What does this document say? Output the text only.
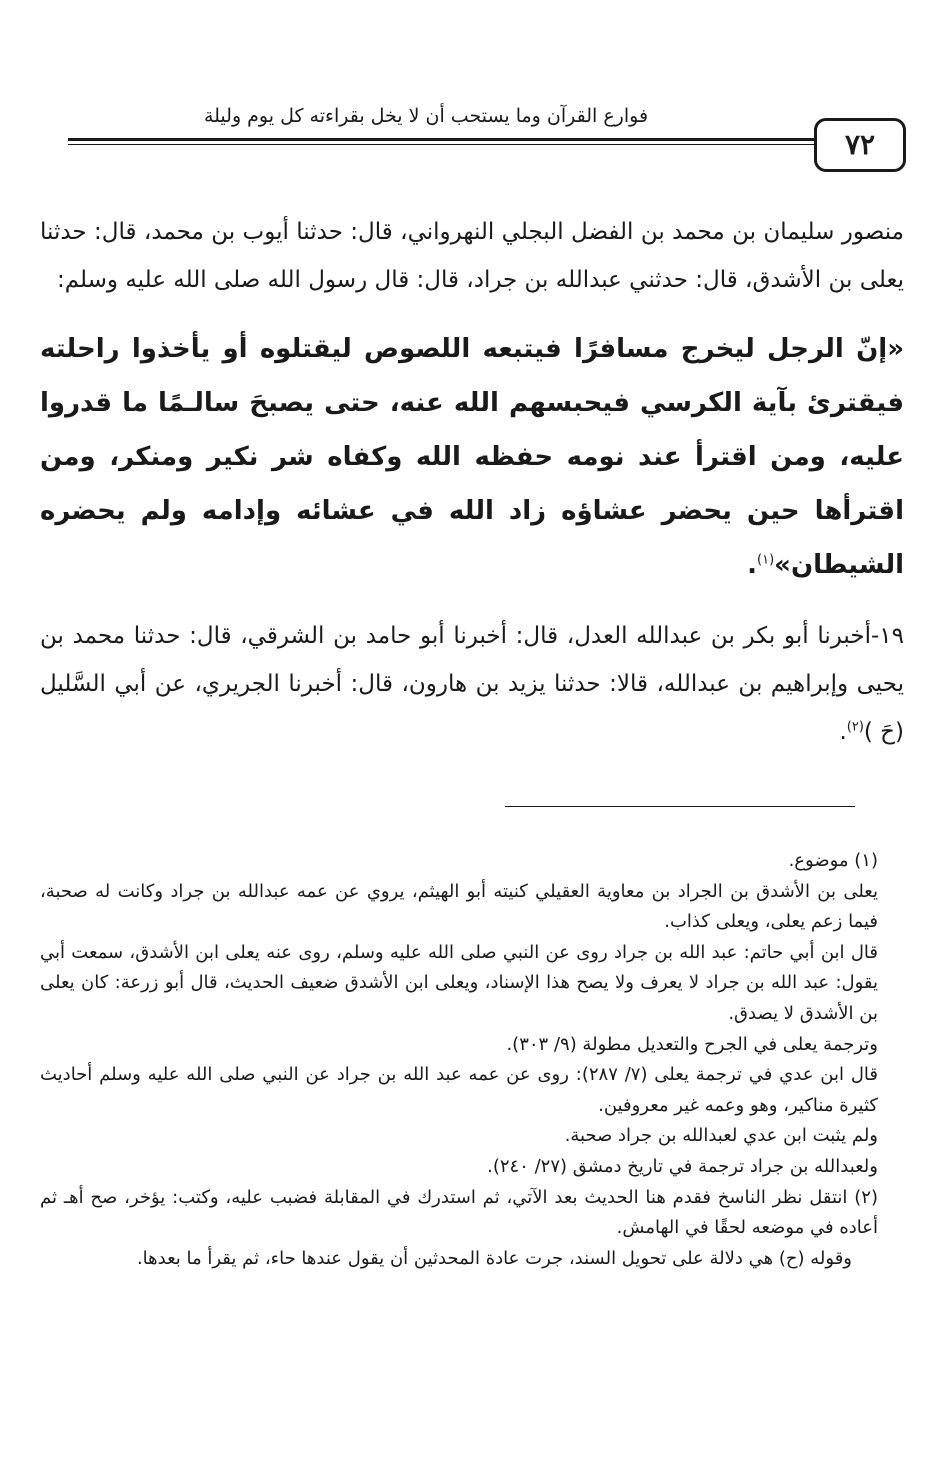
فوارع القرآن وما يستحب أن لا يخل بقراءته كل يوم وليلة
٧٢

منصور سليمان بن محمد بن الفضل البجلي النهرواني، قال: حدثنا أيوب بن محمد، قال: حدثنا يعلى بن الأشدق، قال: حدثني عبدالله بن جراد، قال: قال رسول الله صلى الله عليه وسلم:

«إنّ الرجل ليخرج مسافرًا فيتبعه اللصوص ليقتلوه أو يأخذوا راحلته فيقترئ بآية الكرسي فيحبسهم الله عنه، حتى يصبحَ سالـمًا ما قدروا عليه، ومن اقترأ عند نومه حفظه الله وكفاه شر نكير ومنكر، ومن اقترأها حين يحضر عشاؤه زاد الله في عشائه وإدامه ولم يحضره الشيطان»$^{(١)}$.

١٩-أخبرنا أبو بكر بن عبدالله العدل، قال: أخبرنا أبو حامد بن الشرقي، قال: حدثنا محمد بن يحيى وإبراهيم بن عبدالله، قالا: حدثنا يزيد بن هارون، قال: أخبرنا الجريري، عن أبي السَّليل (حَ )$^{(٢)}$.

(١) موضوع.

يعلى بن الأشدق بن الجراد بن معاوية العقيلي كنيته أبو الهيثم، يروي عن عمه عبدالله بن جراد وكانت له صحبة، فيما زعم يعلى، ويعلى كذاب.

قال ابن أبي حاتم: عبد الله بن جراد روى عن النبي صلى الله عليه وسلم، روى عنه يعلى ابن الأشدق، سمعت أبي يقول: عبد الله بن جراد لا يعرف ولا يصح هذا الإسناد، ويعلى ابن الأشدق ضعيف الحديث، قال أبو زرعة: كان يعلى بن الأشدق لا يصدق.

وترجمة يعلى في الجرح والتعديل مطولة (٩/ ٣٠٣).

قال ابن عدي في ترجمة يعلى (٧/ ٢٨٧): روى عن عمه عبد الله بن جراد عن النبي صلى الله عليه وسلم أحاديث كثيرة مناكير، وهو وعمه غير معروفين.

ولم يثبت ابن عدي لعبدالله بن جراد صحبة.

ولعبدالله بن جراد ترجمة في تاريخ دمشق (٢٧/ ٢٤٠).

(٢) انتقل نظر الناسخ فقدم هنا الحديث بعد الآتي، ثم استدرك في المقابلة فضبب عليه، وكتب: يؤخر، صح أهـ ثم أعاده في موضعه لحقًا في الهامش.

وقوله (ح) هي دلالة على تحويل السند، جرت عادة المحدثين أن يقول عندها حاء، ثم يقرأ ما بعدها.
